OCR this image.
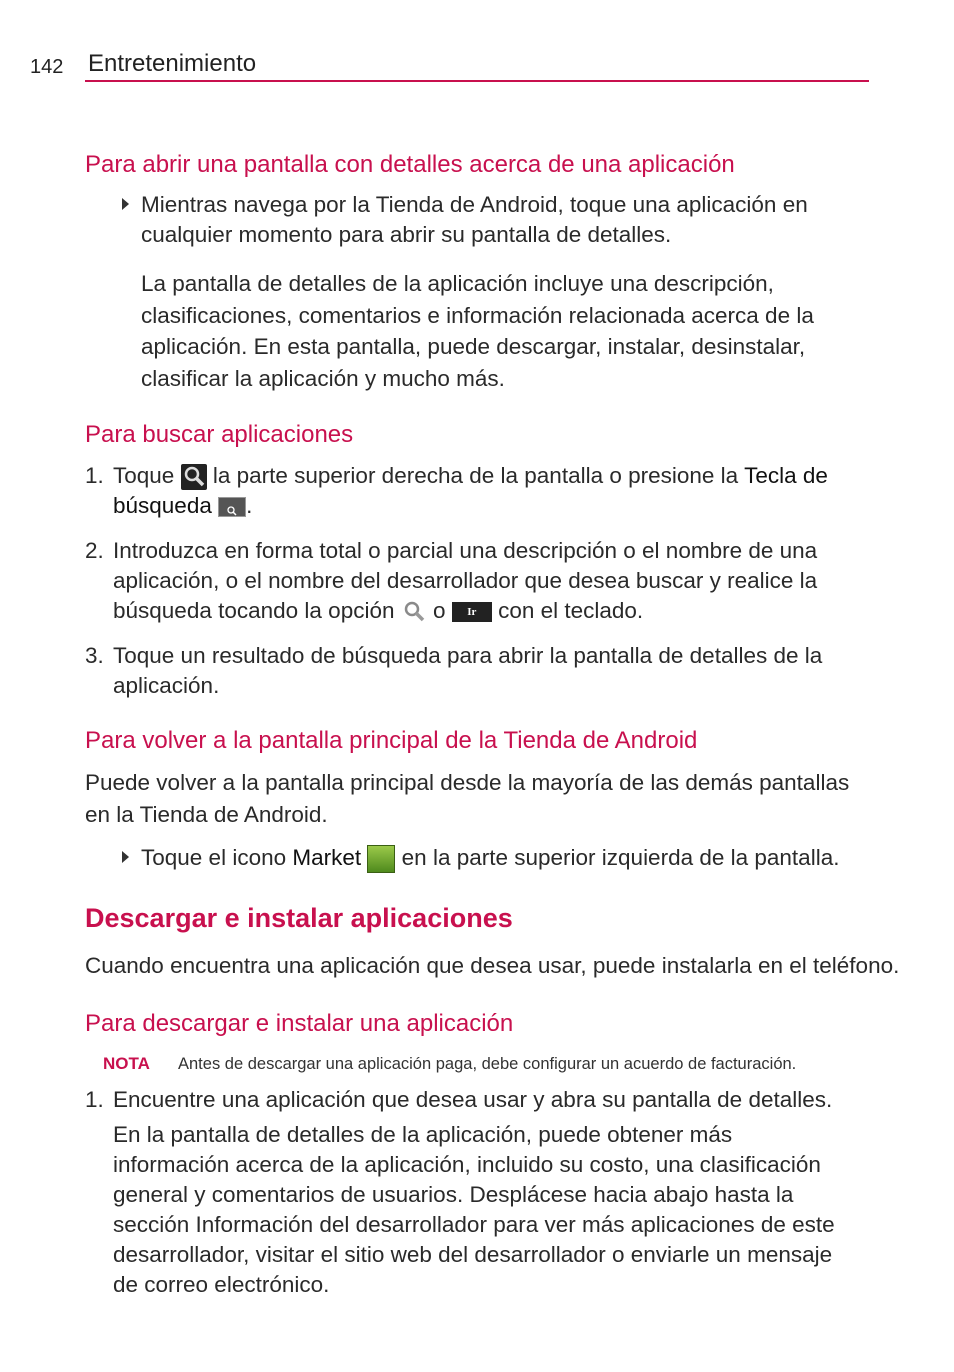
142 Entretenimiento
Para abrir una pantalla con detalles acerca de una aplicación
Mientras navega por la Tienda de Android, toque una aplicación en
cualquier momento para abrir su pantalla de detalles.
La pantalla de detalles de la aplicación incluye una descripción,
clasificaciones, comentarios e información relacionada acerca de la
aplicación. En esta pantalla, puede descargar, instalar, desinstalar,
clasificar la aplicación y mucho más.
Para buscar aplicaciones
1. Toque la parte superior derecha de la pantalla o presione la Tecla de
búsqueda .
2. Introduzca en forma total o parcial una descripción o el nombre de una
aplicación, o el nombre del desarrollador que desea buscar y realice la
búsqueda tocando la opción o Ir con el teclado.
3. Toque un resultado de búsqueda para abrir la pantalla de detalles de la
aplicación.
Para volver a la pantalla principal de la Tienda de Android
Puede volver a la pantalla principal desde la mayoría de las demás pantallas
en la Tienda de Android.
Toque el icono Market en la parte superior izquierda de la pantalla.
Descargar e instalar aplicaciones
Cuando encuentra una aplicación que desea usar, puede instalarla en el teléfono.
Para descargar e instalar una aplicación
NOTA Antes de descargar una aplicación paga, debe configurar un acuerdo de facturación.
1. Encuentre una aplicación que desea usar y abra su pantalla de detalles.
En la pantalla de detalles de la aplicación, puede obtener más
información acerca de la aplicación, incluido su costo, una clasificación
general y comentarios de usuarios. Desplácese hacia abajo hasta la
sección Información del desarrollador para ver más aplicaciones de este
desarrollador, visitar el sitio web del desarrollador o enviarle un mensaje
de correo electrónico.
